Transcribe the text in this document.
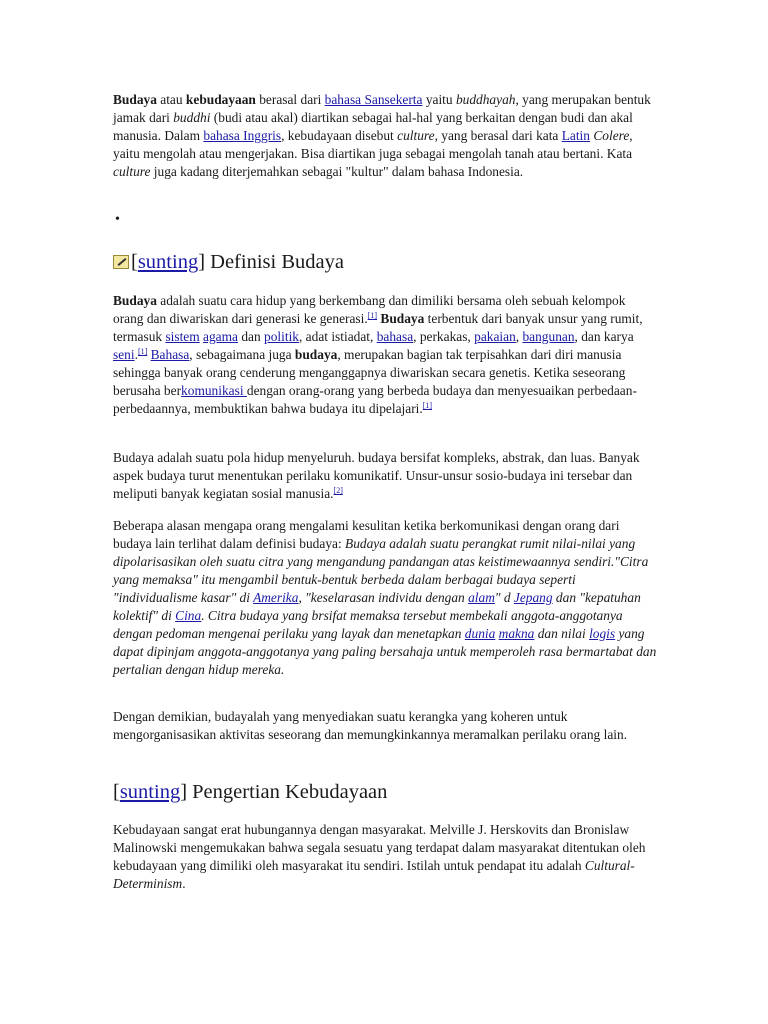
Budaya atau kebudayaan berasal dari bahasa Sansekerta yaitu buddhayah, yang merupakan bentuk jamak dari buddhi (budi atau akal) diartikan sebagai hal-hal yang berkaitan dengan budi dan akal manusia. Dalam bahasa Inggris, kebudayaan disebut culture, yang berasal dari kata Latin Colere, yaitu mengolah atau mengerjakan. Bisa diartikan juga sebagai mengolah tanah atau bertani. Kata culture juga kadang diterjemahkan sebagai "kultur" dalam bahasa Indonesia.

•
[sunting] Definisi Budaya

Budaya adalah suatu cara hidup yang berkembang dan dimiliki bersama oleh sebuah kelompok orang dan diwariskan dari generasi ke generasi.[1] Budaya terbentuk dari banyak unsur yang rumit, termasuk sistem agama dan politik, adat istiadat, bahasa, perkakas, pakaian, bangunan, dan karya seni.[1] Bahasa, sebagaimana juga budaya, merupakan bagian tak terpisahkan dari diri manusia sehingga banyak orang cenderung menganggapnya diwariskan secara genetis. Ketika seseorang berusaha berkomunikasi dengan orang-orang yang berbeda budaya dan menyesuaikan perbedaan-perbedaannya, membuktikan bahwa budaya itu dipelajari.[1]

Budaya adalah suatu pola hidup menyeluruh. budaya bersifat kompleks, abstrak, dan luas. Banyak aspek budaya turut menentukan perilaku komunikatif. Unsur-unsur sosio-budaya ini tersebar dan meliputi banyak kegiatan sosial manusia.[2]

Beberapa alasan mengapa orang mengalami kesulitan ketika berkomunikasi dengan orang dari budaya lain terlihat dalam definisi budaya: Budaya adalah suatu perangkat rumit nilai-nilai yang dipolarisasikan oleh suatu citra yang mengandung pandangan atas keistimewaannya sendiri."Citra yang memaksa" itu mengambil bentuk-bentuk berbeda dalam berbagai budaya seperti "individualisme kasar" di Amerika, "keselarasan individu dengan alam" d Jepang dan "kepatuhan kolektif" di Cina. Citra budaya yang brsifat memaksa tersebut membekali anggota-anggotanya dengan pedoman mengenai perilaku yang layak dan menetapkan dunia makna dan nilai logis yang dapat dipinjam anggota-anggotanya yang paling bersahaja untuk memperoleh rasa bermartabat dan pertalian dengan hidup mereka.

Dengan demikian, budayalah yang menyediakan suatu kerangka yang koheren untuk mengorganisasikan aktivitas seseorang dan memungkinkannya meramalkan perilaku orang lain.

[sunting] Pengertian Kebudayaan

Kebudayaan sangat erat hubungannya dengan masyarakat. Melville J. Herskovits dan Bronislaw Malinowski mengemukakan bahwa segala sesuatu yang terdapat dalam masyarakat ditentukan oleh kebudayaan yang dimiliki oleh masyarakat itu sendiri. Istilah untuk pendapat itu adalah Cultural-Determinism.
